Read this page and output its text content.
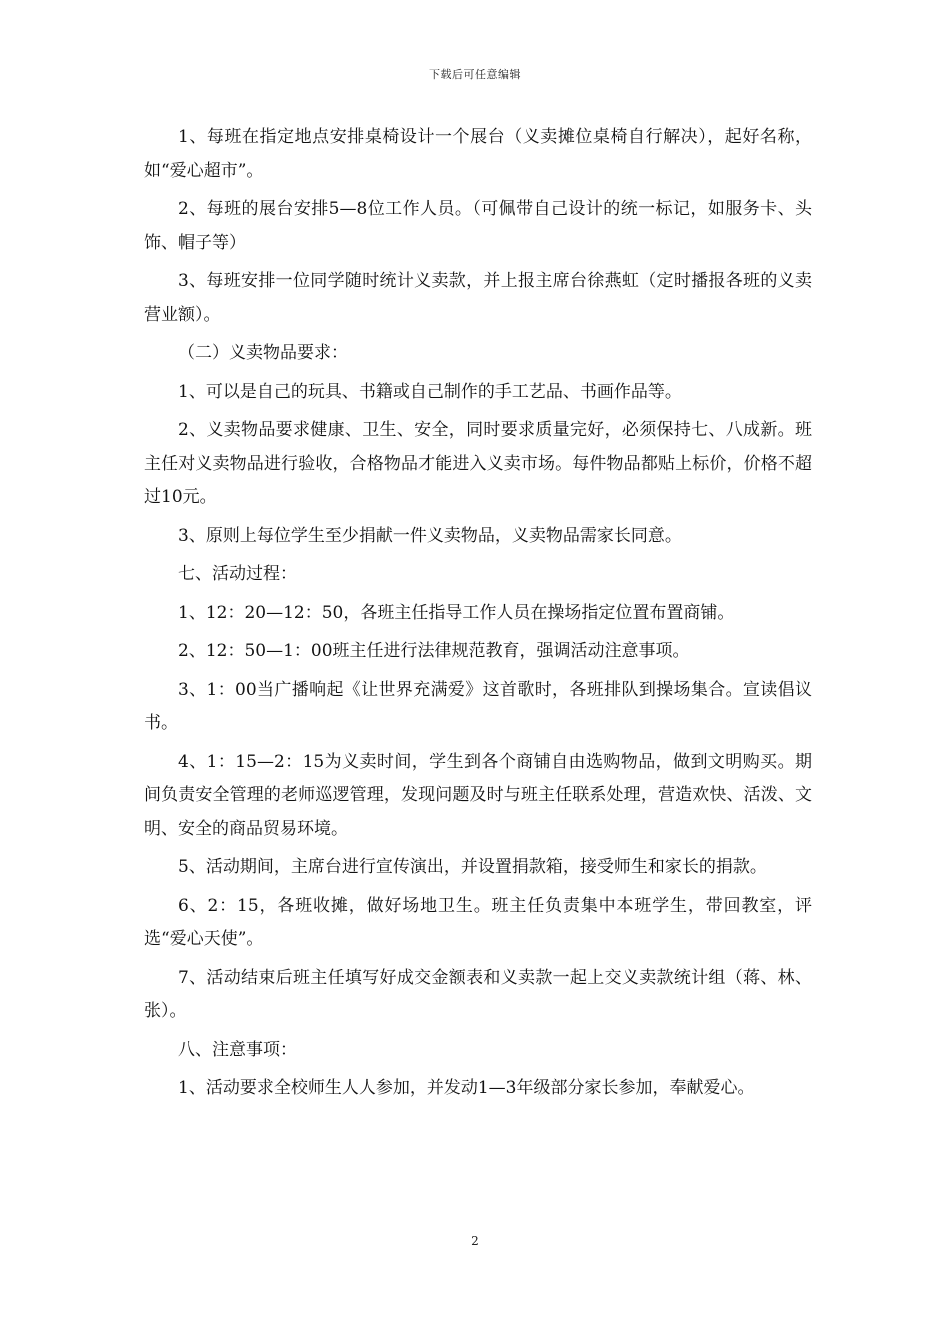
下载后可任意编辑

1、每班在指定地点安排桌椅设计一个展台（义卖摊位桌椅自行解决），起好名称，如“爱心超市”。

2、每班的展台安排5—8位工作人员。（可佩带自己设计的统一标记，如服务卡、头饰、帽子等）

3、每班安排一位同学随时统计义卖款，并上报主席台徐燕虹（定时播报各班的义卖营业额）。

（二）义卖物品要求：

1、可以是自己的玩具、书籍或自己制作的手工艺品、书画作品等。

2、义卖物品要求健康、卫生、安全，同时要求质量完好，必须保持七、八成新。班主任对义卖物品进行验收，合格物品才能进入义卖市场。每件物品都贴上标价，价格不超过10元。

3、原则上每位学生至少捐献一件义卖物品，义卖物品需家长同意。

七、活动过程：

1、12：20—12：50，各班主任指导工作人员在操场指定位置布置商铺。

2、12：50—1：00班主任进行法律规范教育，强调活动注意事项。

3、1：00当广播响起《让世界充满爱》这首歌时，各班排队到操场集合。宣读倡议书。

4、1：15—2：15为义卖时间，学生到各个商铺自由选购物品，做到文明购买。期间负责安全管理的老师巡逻管理，发现问题及时与班主任联系处理，营造欢快、活泼、文明、安全的商品贸易环境。

5、活动期间，主席台进行宣传演出，并设置捐款箱，接受师生和家长的捐款。

6、2：15，各班收摊，做好场地卫生。班主任负责集中本班学生，带回教室，评选“爱心天使”。

7、活动结束后班主任填写好成交金额表和义卖款一起上交义卖款统计组（蒋、林、张）。

八、注意事项：

1、活动要求全校师生人人参加，并发动1—3年级部分家长参加，奉献爱心。

2
